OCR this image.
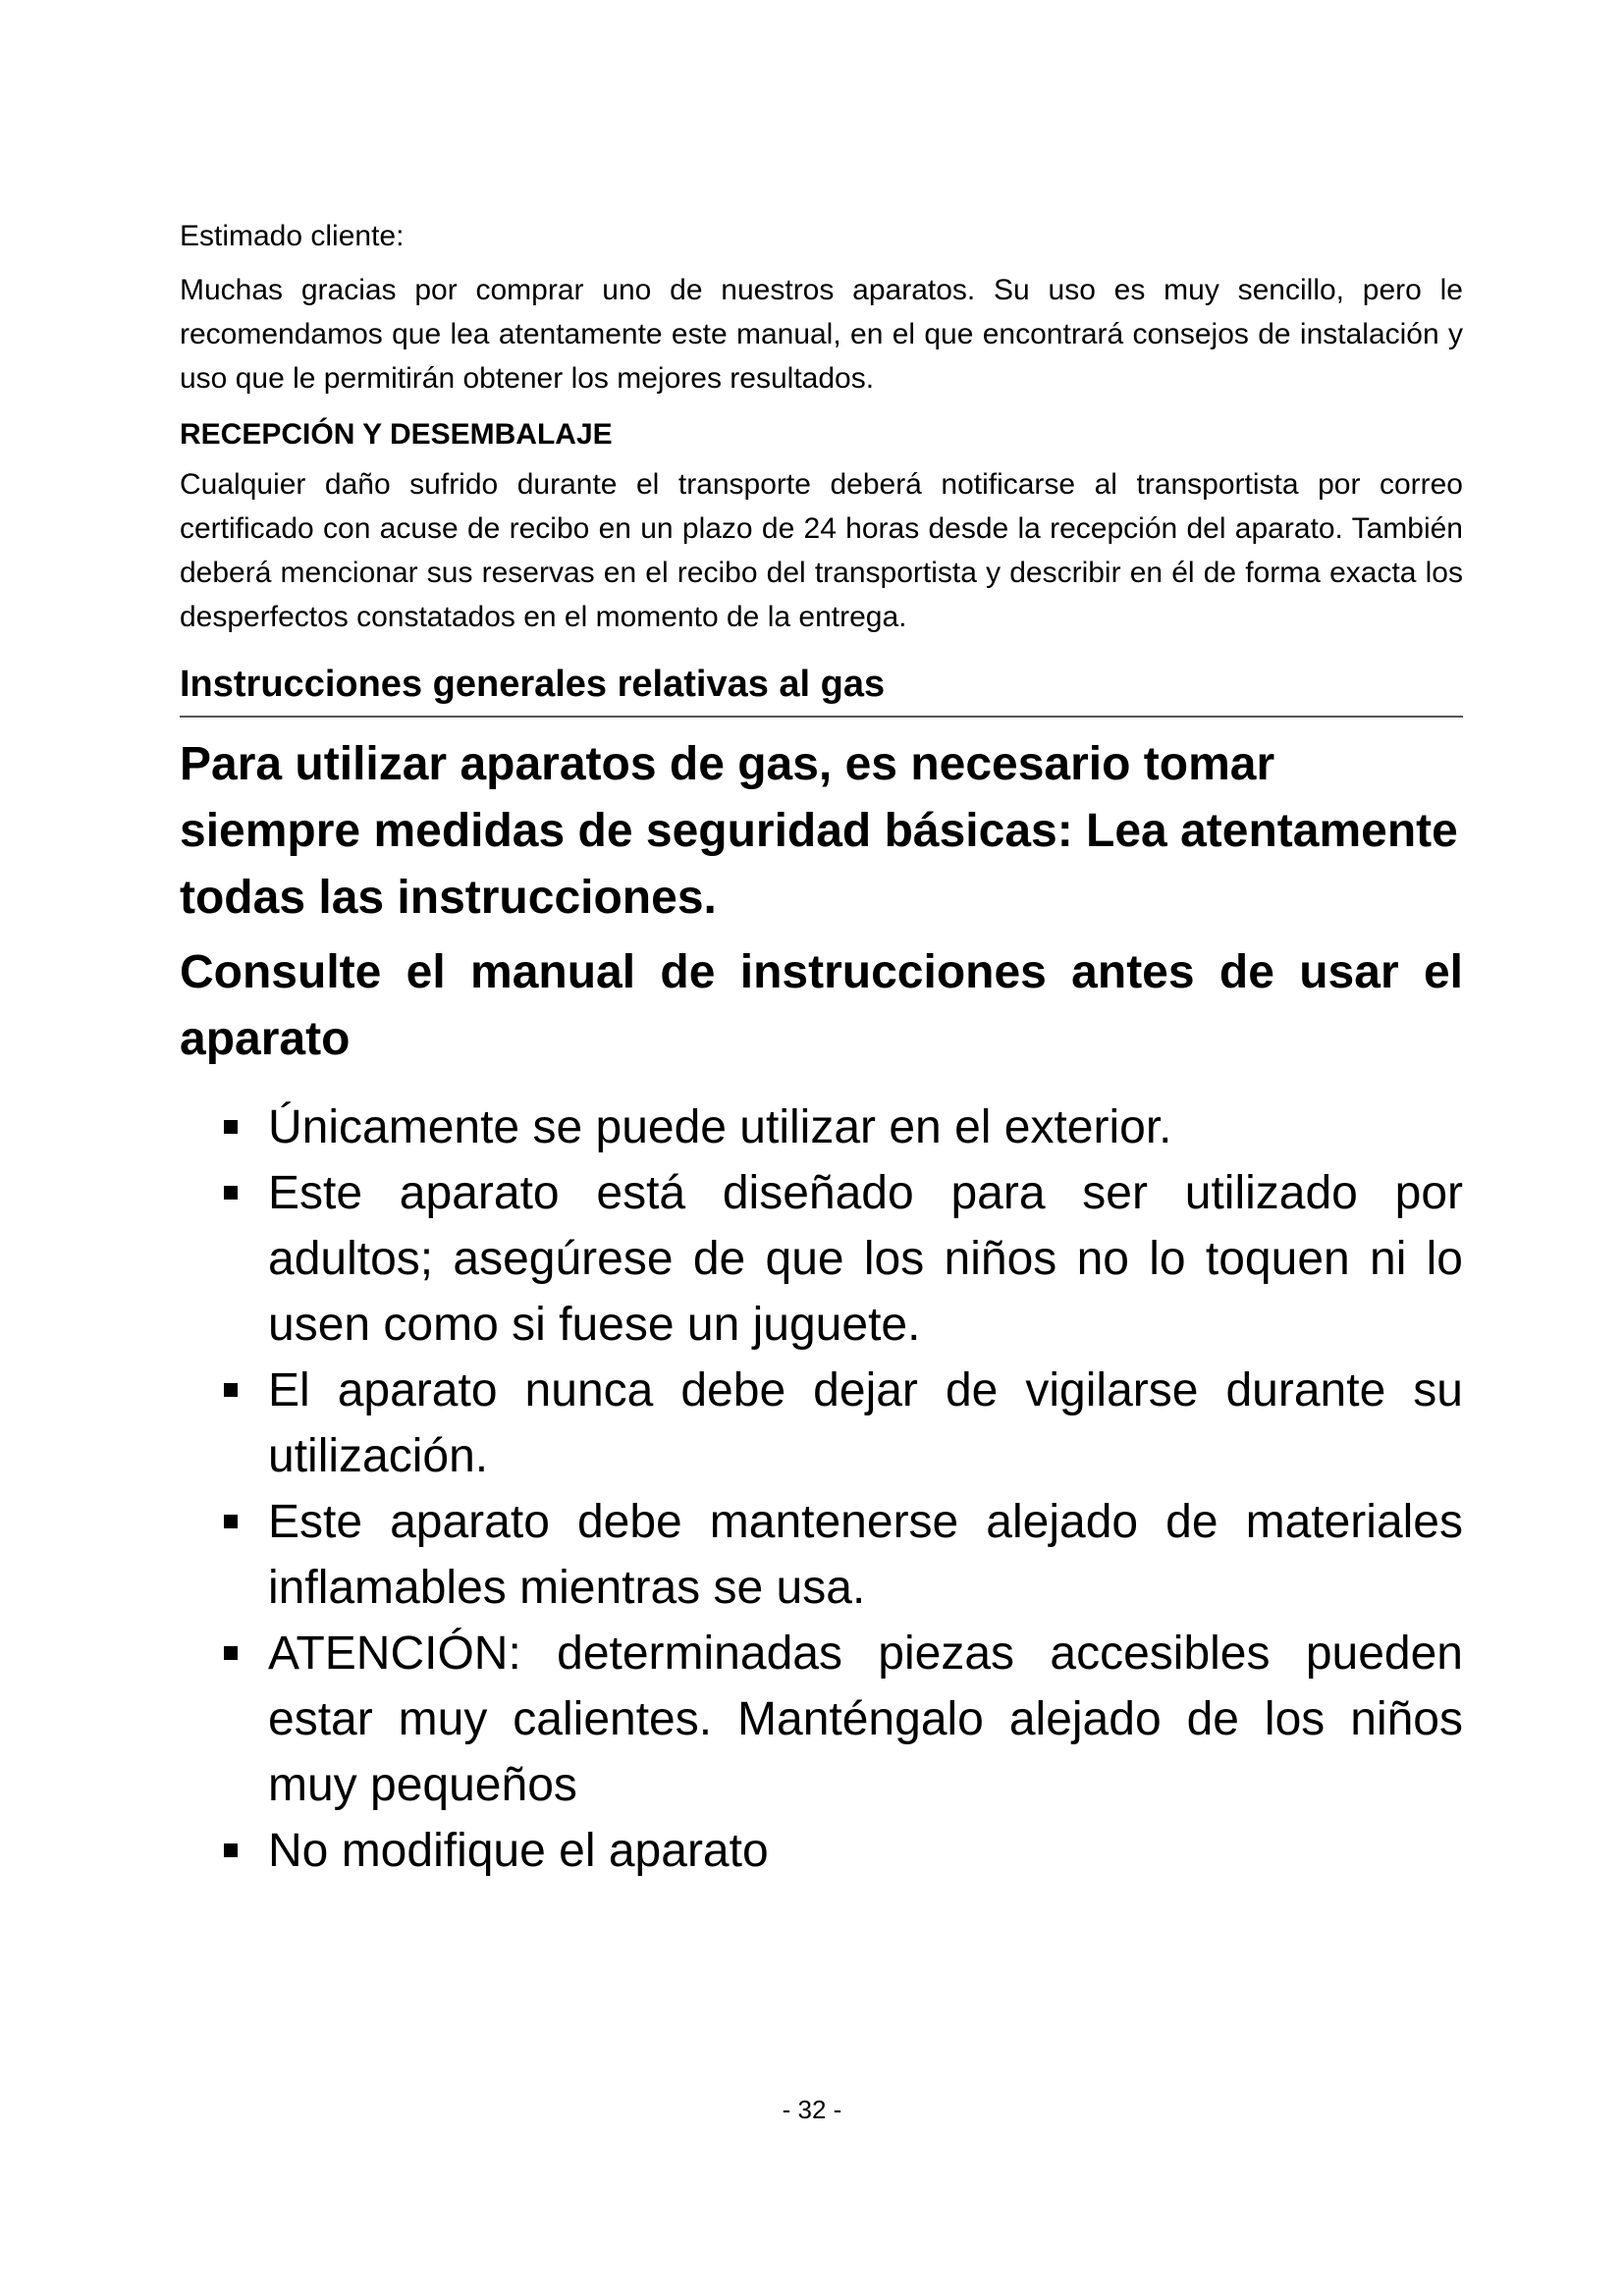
Estimado cliente:

Muchas gracias por comprar uno de nuestros aparatos. Su uso es muy sencillo, pero le recomendamos que lea atentamente este manual, en el que encontrará consejos de instalación y uso que le permitirán obtener los mejores resultados.

RECEPCIÓN Y DESEMBALAJE

Cualquier daño sufrido durante el transporte deberá notificarse al transportista por correo certificado con acuse de recibo en un plazo de 24 horas desde la recepción del aparato. También deberá mencionar sus reservas en el recibo del transportista y describir en él de forma exacta los desperfectos constatados en el momento de la entrega.

Instrucciones generales relativas al gas

Para utilizar aparatos de gas, es necesario tomar siempre medidas de seguridad básicas: Lea atentamente todas las instrucciones.

Consulte el manual de instrucciones antes de usar el aparato

Únicamente se puede utilizar en el exterior.
Este aparato está diseñado para ser utilizado por adultos; asegúrese de que los niños no lo toquen ni lo usen como si fuese un juguete.
El aparato nunca debe dejar de vigilarse durante su utilización.
Este aparato debe mantenerse alejado de materiales inflamables mientras se usa.
ATENCIÓN: determinadas piezas accesibles pueden estar muy calientes. Manténgalo alejado de los niños muy pequeños
No modifique el aparato
- 32 -
